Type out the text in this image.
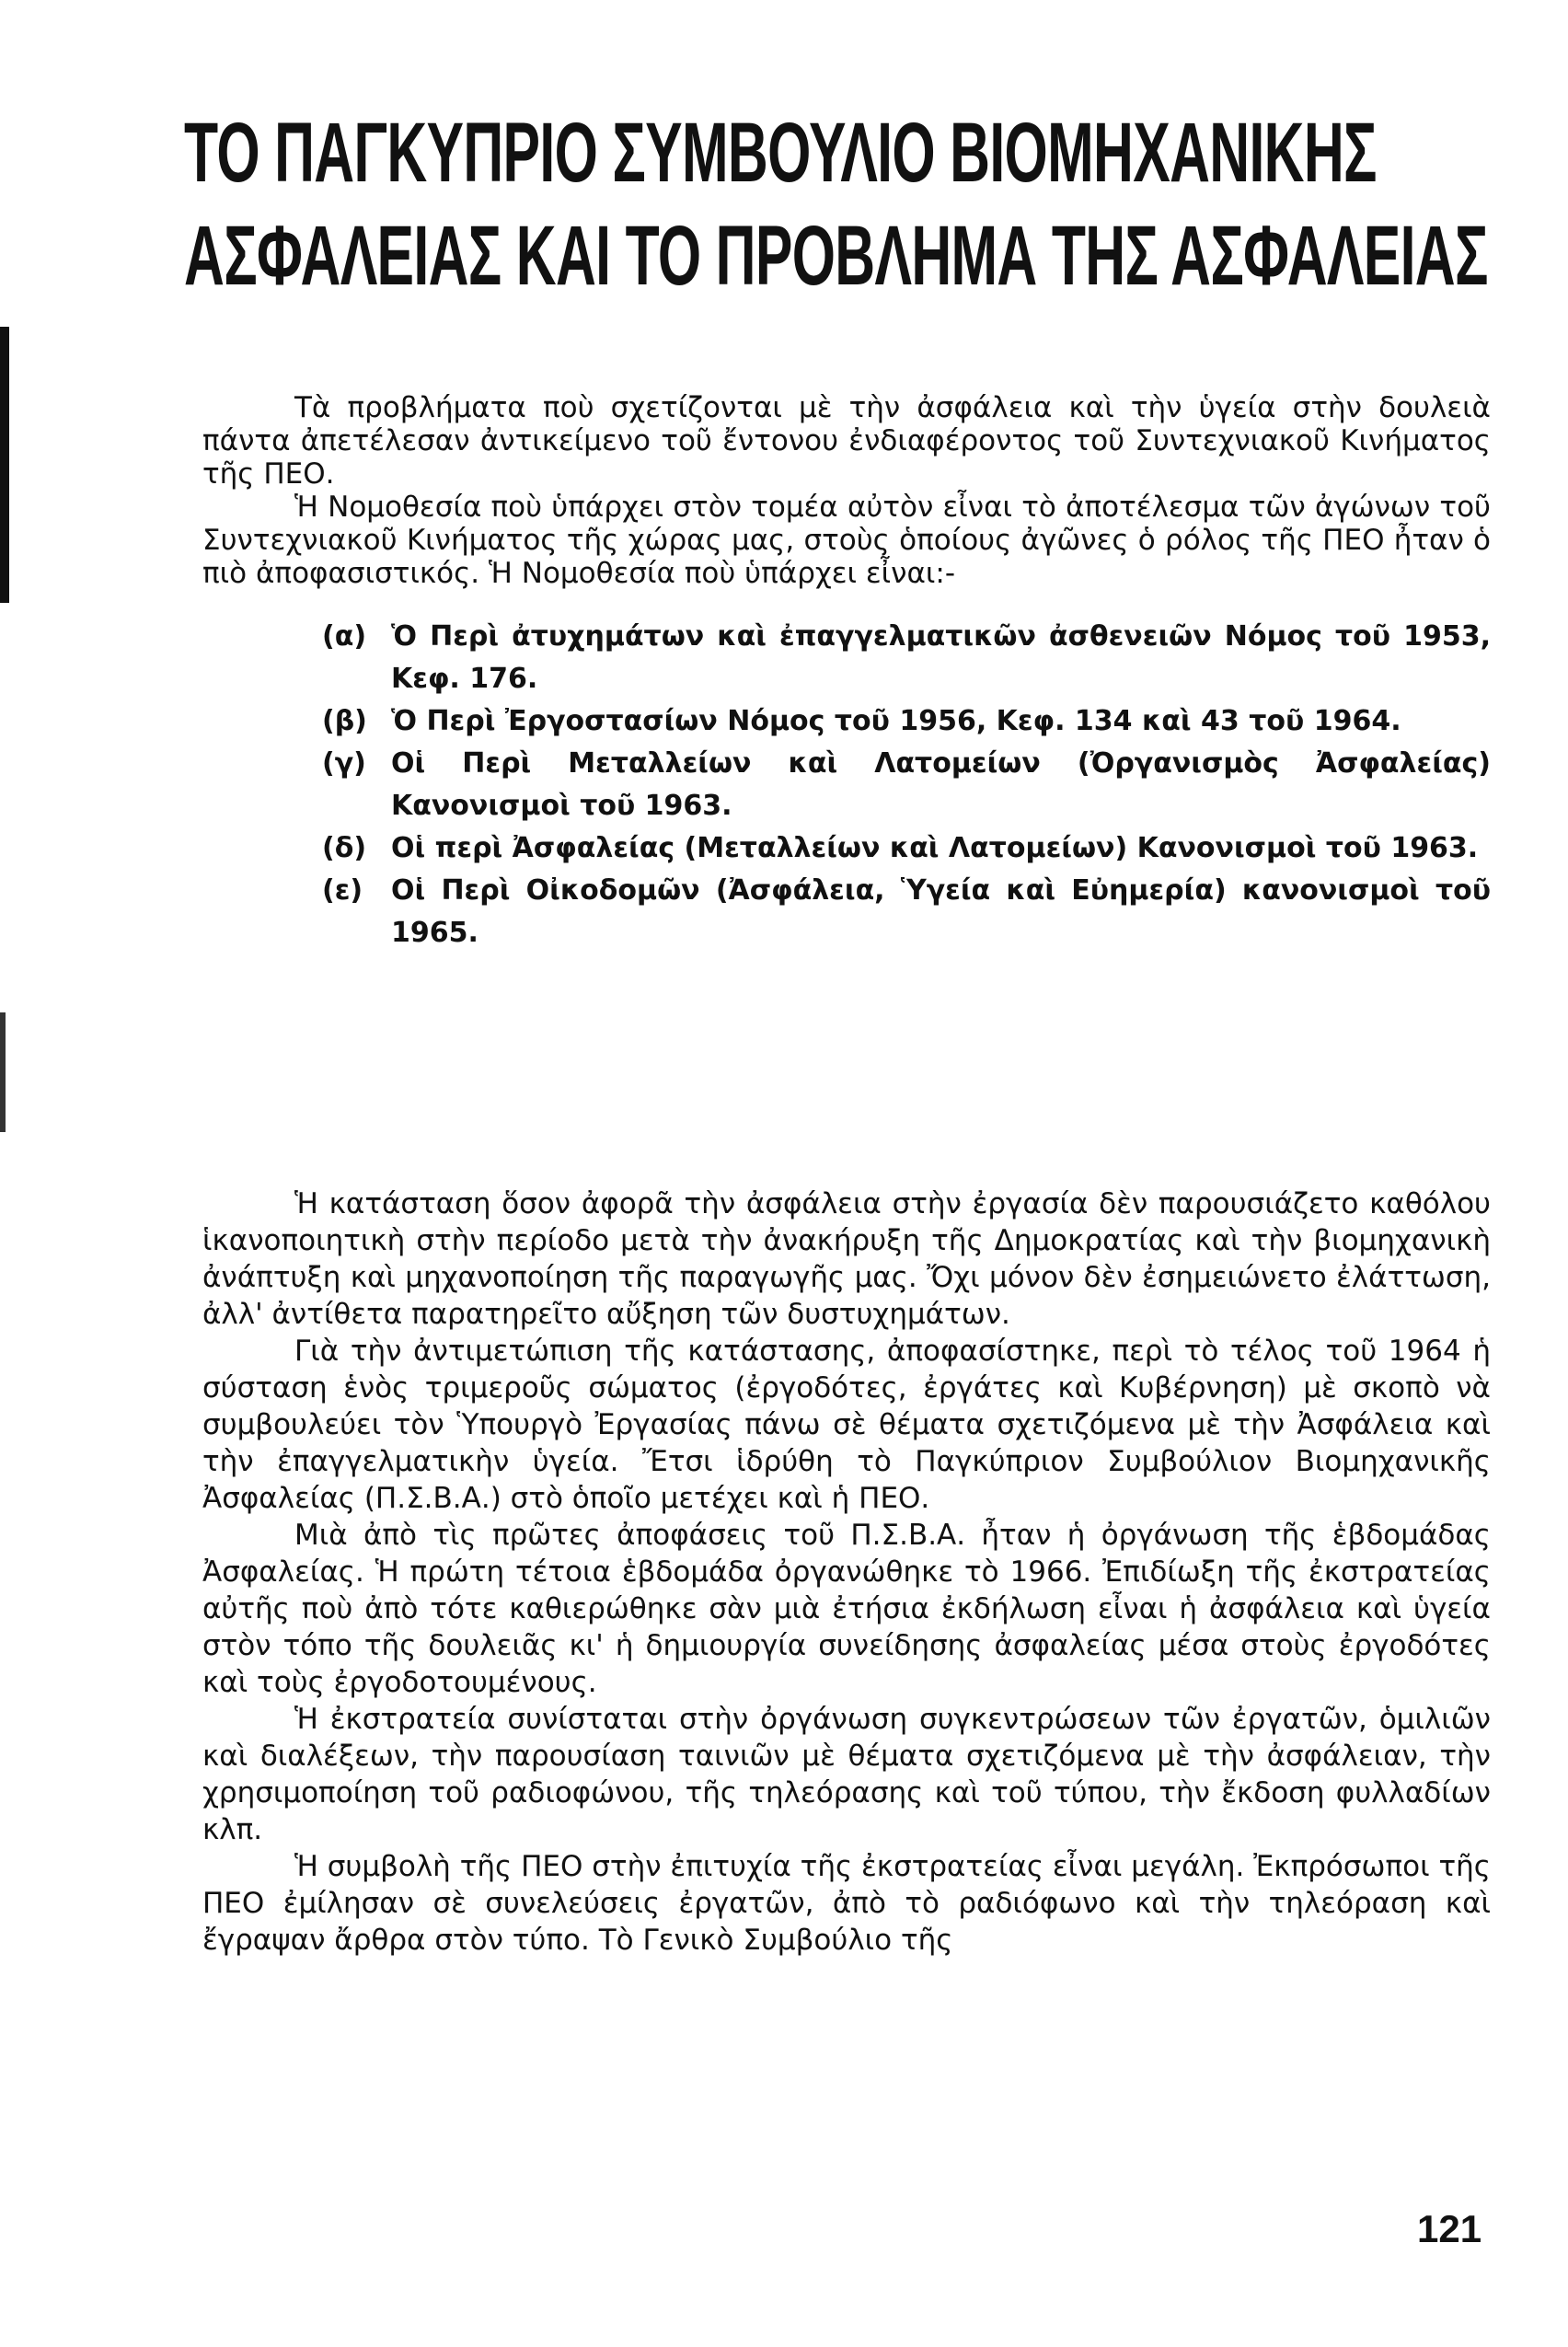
ΤΟ ΠΑΓΚΥΠΡΙΟ ΣΥΜΒΟΥΛΙΟ ΒΙΟΜΗΧΑΝΙΚΗΣ
ΑΣΦΑΛΕΙΑΣ ΚΑΙ ΤΟ ΠΡΟΒΛΗΜΑ ΤΗΣ ΑΣΦΑΛΕΙΑΣ

Τὰ προβλήματα ποὺ σχετίζονται μὲ τὴν ἀσφάλεια καὶ τὴν ὑγεία στὴν δουλειὰ πάντα ἀπετέλεσαν ἀντικείμενο τοῦ ἔντονου ἐνδιαφέροντος τοῦ Συντεχνιακοῦ Κινήματος τῆς ΠΕΟ.

Ἡ Νομοθεσία ποὺ ὑπάρχει στὸν τομέα αὐτὸν εἶναι τὸ ἀποτέλεσμα τῶν ἀγώνων τοῦ Συντεχνιακοῦ Κινήματος τῆς χώρας μας, στοὺς ὁποίους ἀγῶνες ὁ ρόλος τῆς ΠΕΟ ἦταν ὁ πιὸ ἀποφασιστικός. Ἡ Νομοθεσία ποὺ ὑπάρχει εἶναι:-

(α) Ὁ Περὶ ἀτυχημάτων καὶ ἐπαγγελματικῶν ἀσθενειῶν Νόμος τοῦ 1953, Κεφ. 176.
(β) Ὁ Περὶ Ἐργοστασίων Νόμος τοῦ 1956, Κεφ. 134 καὶ 43 τοῦ 1964.
(γ) Οἱ Περὶ Μεταλλείων καὶ Λατομείων (Ὀργανισμὸς Ἀσφαλείας) Κανονισμοὶ τοῦ 1963.
(δ) Οἱ περὶ Ἀσφαλείας (Μεταλλείων καὶ Λατομείων) Κανονισμοὶ τοῦ 1963.
(ε)	Οἱ Περὶ Οἰκοδομῶν (Ἀσφάλεια, Ὑγεία καὶ Εὐημερία) κανονισμοὶ τοῦ 1965.

Ἡ κατάσταση ὅσον ἀφορᾶ τὴν ἀσφάλεια στὴν ἐργασία δὲν παρουσιάζετο καθόλου ἱκανοποιητικὴ στὴν περίοδο μετὰ τὴν ἀνακήρυξη τῆς Δημοκρατίας καὶ τὴν βιομηχανικὴ ἀνάπτυξη καὶ μηχανοποίηση τῆς παραγωγῆς μας. Ὄχι μόνον δὲν ἐσημειώνετο ἐλάττωση, ἀλλ' ἀντίθετα παρατηρεῖτο αὔξηση τῶν δυστυχημάτων.

Γιὰ τὴν ἀντιμετώπιση τῆς κατάστασης, ἀποφασίστηκε, περὶ τὸ τέλος τοῦ 1964 ἡ σύσταση ἑνὸς τριμεροῦς σώματος (ἐργοδότες, ἐργάτες καὶ Κυβέρνηση) μὲ σκοπὸ νὰ συμβουλεύει τὸν Ὑπουργὸ Ἐργασίας πάνω σὲ θέματα σχετιζόμενα μὲ τὴν Ἀσφάλεια καὶ τὴν ἐπαγγελματικὴν ὑγεία. Ἔτσι ἱδρύθη τὸ Παγκύπριον Συμβούλιον Βιομηχανικῆς Ἀσφαλείας (Π.Σ.Β.Α.) στὸ ὁποῖο μετέχει καὶ ἡ ΠΕΟ.

Μιὰ ἀπὸ τὶς πρῶτες ἀποφάσεις τοῦ Π.Σ.Β.Α. ἦταν ἡ ὀργάνωση τῆς ἑβδομάδας Ἀσφαλείας. Ἡ πρώτη τέτοια ἑβδομάδα ὀργανώθηκε τὸ 1966. Ἐπιδίωξη τῆς ἐκστρατείας αὐτῆς ποὺ ἀπὸ τότε καθιερώθηκε σὰν μιὰ ἐτήσια ἐκδήλωση εἶναι ἡ ἀσφάλεια καὶ ὑγεία στὸν τόπο τῆς δουλειᾶς κι' ἡ δημιουργία συνείδησης ἀσφαλείας μέσα στοὺς ἐργοδότες καὶ τοὺς ἐργοδοτουμένους.

Ἡ ἐκστρατεία συνίσταται στὴν ὀργάνωση συγκεντρώσεων τῶν ἐργατῶν, ὁμιλιῶν καὶ διαλέξεων, τὴν παρουσίαση ταινιῶν μὲ θέματα σχετιζόμενα μὲ τὴν ἀσφάλειαν, τὴν χρησιμοποίηση τοῦ ραδιοφώνου, τῆς τηλεόρασης καὶ τοῦ τύπου, τὴν ἔκδοση φυλλαδίων κλπ.

Ἡ συμβολὴ τῆς ΠΕΟ στὴν ἐπιτυχία τῆς ἐκστρατείας εἶναι μεγάλη. Ἐκπρόσωποι τῆς ΠΕΟ ἐμίλησαν σὲ συνελεύσεις ἐργατῶν, ἀπὸ τὸ ραδιόφωνο καὶ τὴν τηλεόραση καὶ ἔγραψαν ἄρθρα στὸν τύπο. Τὸ Γενικὸ Συμβούλιο τῆς

121
